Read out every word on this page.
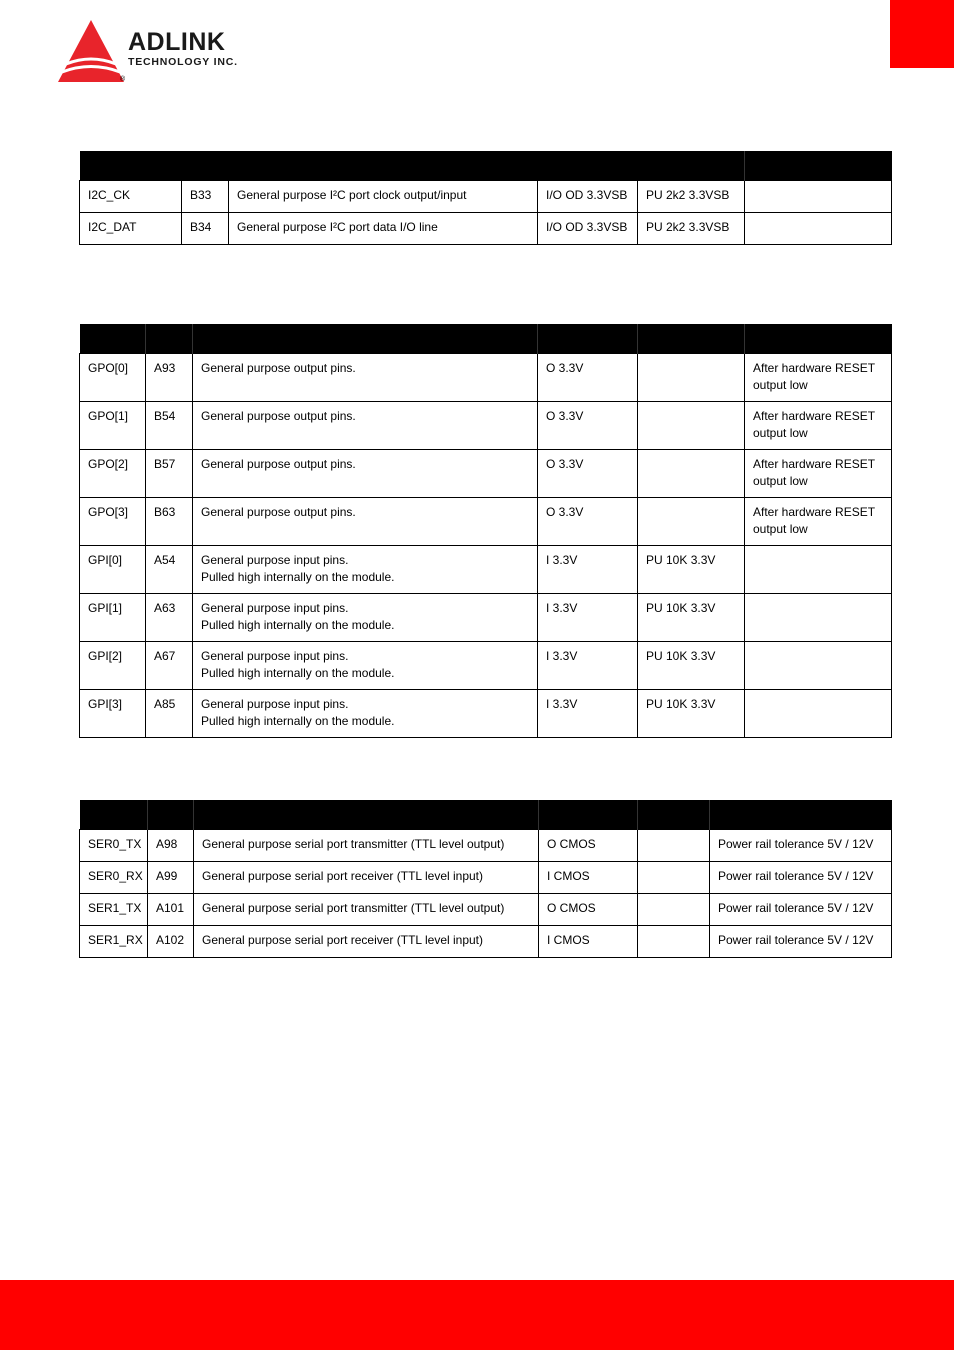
ADLINK
TECHNOLOGY INC.
®

I2C_CK	B33	General purpose I²C port clock output/input	I/O OD 3.3VSB	PU 2k2 3.3VSB	
I2C_DAT	B34	General purpose I²C port data I/O line	I/O OD 3.3VSB	PU 2k2 3.3VSB	

GPO[0]	A93	General purpose output pins.	O 3.3V		After hardware RESET
output low

GPO[1]	B54	General purpose output pins.	O 3.3V		After hardware RESET
output low

GPO[2]	B57	General purpose output pins.	O 3.3V		After hardware RESET
output low

GPO[3]	B63	General purpose output pins.	O 3.3V		After hardware RESET
output low

GPI[0]	A54	General purpose input pins.
Pulled high internally on the module.	I 3.3V	PU 10K 3.3V	

GPI[1]	A63	General purpose input pins.
Pulled high internally on the module.	I 3.3V	PU 10K 3.3V	

GPI[2]	A67	General purpose input pins.
Pulled high internally on the module.	I 3.3V	PU 10K 3.3V	

GPI[3]	A85	General purpose input pins.
Pulled high internally on the module.	I 3.3V	PU 10K 3.3V	

SER0_TX	A98	General purpose serial port transmitter (TTL level output)	O CMOS		Power rail tolerance 5V / 12V
SER0_RX	A99	General purpose serial port receiver (TTL level input)	I CMOS		Power rail tolerance 5V / 12V
SER1_TX	A101	General purpose serial port transmitter (TTL level output)	O CMOS		Power rail tolerance 5V / 12V
SER1_RX	A102	General purpose serial port receiver (TTL level input)	I CMOS		Power rail tolerance 5V / 12V
